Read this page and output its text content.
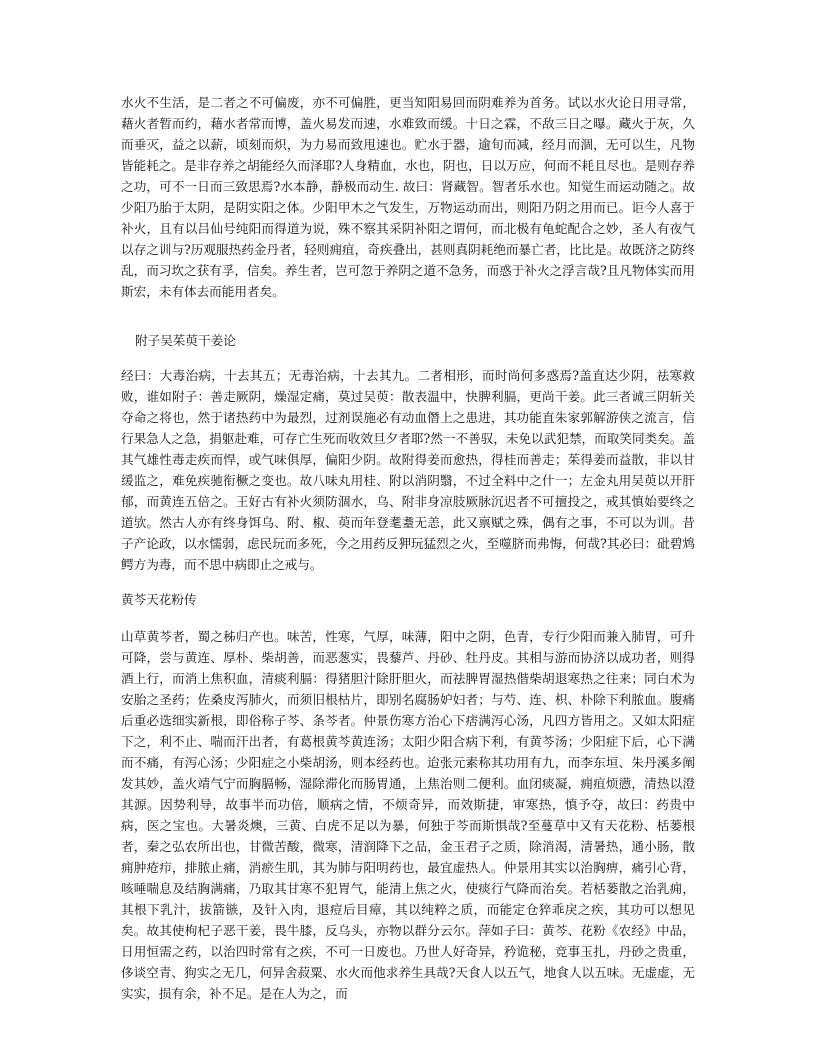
水火不生活，是二者之不可偏废，亦不可偏胜，更当知阳易回而阴难养为首务。试以水火论日用寻常，藉火者暂而约，藉水者常而博，盖火易发而速，水难致而缓。十日之霖，不敌三日之曝。藏火于灰，久而垂灭，益之以薪，顷刻而炽，为力易而致甩速也。贮水于器，逾旬而减，经月而涸，无可以生，凡物皆能耗之。是非存养之胡能经久而泽耶?人身精血，水也，阴也，日以万应，何而不耗且尽也。是则存养之功，可不一日而三致思焉?水本静，静极而动生. 故曰：肾藏智。智者乐水也。知觉生而运动随之。故少阳乃胎于太阴，是阴实阳之体。少阳甲木之气发生，万物运动而出，则阳乃阴之用而已。讵今人喜于补火，且有以吕仙号纯阳而得道为说，殊不察其采阴补阳之谓何，而北极有龟蛇配合之妙，圣人有夜气以存之训与?历观服热药金丹者，轻则痈疽，奇疾叠出，甚则真阴耗绝而暴亡者，比比是。故既济之防终乱，而习坎之获有孚，信矣。养生者，岂可忽于养阴之道不急务，而惑于补火之浮言哉?且凡物体实而用斯宏，未有体去而能用者矣。

附子吴茱萸干姜论

经曰：大毒治病，十去其五；无毒治病，十去其九。二者相形，而时尚何多惑焉?盖直达少阴，祛寒救败，谁如附子：善走厥阴，燥湿定痛，莫过吴萸：散表温中，快脾利膈，更尚干姜。此三者诚三阴斩关夺命之将也，然于诸热药中为最烈，过剂误施必有动血僭上之患进，其功能直朱家郭解游侠之流言，信行果急人之急，捐躯赴难，可存亡生死而收效旦夕者耶?然一不善驭，未免以武犯禁，而取笑同类矣。盖其气雄性毒走疾而悍，或气味俱厚，偏阳少阴。故附得姜而愈热，得桂而善走；茱得姜而益散，非以甘缓监之，难免疾驰衔橛之变也。故八味丸用桂、附以消阴翳，不过全料中之什一；左金丸用吴萸以开肝郁，而黄连五倍之。王好古有补火须防涸水，乌、附非身凉肢厥脉沉迟者不可擅投之，戒其慎始要终之道欤。然古人亦有终身饵乌、附、椒、萸而年登耄耋无恙，此又禀赋之殊，偶有之事，不可以为训。昔子产论政，以水懦弱，虑民玩而多死，今之用药反狎玩猛烈之火，至噬脐而弗悔，何哉?其必曰：砒碧鸩鳄方为毒，而不思中病即止之戒与。

黄芩天花粉传

山草黄芩者，蜀之秭归产也。味苦，性寒，气厚，味薄，阳中之阴，色青，专行少阳而兼入肺胃，可升可降，尝与黄连、厚朴、柴胡善，而恶葱实，畏藜芦、丹砂、牡丹皮。其相与游而协济以成功者，则得酒上行，而消上焦积血，清痰利膈：得猪胆汁除肝胆火，而祛脾胃湿热偕柴胡退寒热之往来；同白术为安胎之圣药；佐桑皮泻肺火，而须旧根枯片，即别名腐肠妒妇者；与芍、连、枳、朴除下利脓血。腹痛后重必选细实新根，即俗称子芩、条芩者。仲景伤寒方治心下痞满泻心汤，凡四方皆用之。又如太阳症下之，利不止、喘而汗出者，有葛根黄芩黄连汤；太阳少阳合病下利，有黄芩汤；少阳症下后，心下满而不痛，有泻心汤；少阳症之小柴胡汤，则本经药也。迨张元素称其功用有九，而李东垣、朱丹溪多阐发其妙，盖火靖气宁而胸膈畅，湿除滞化而肠胃通，上焦治则二便利。血闭痰凝，痈疽烦懑，清热以澄其源。因势利导，故事半而功倍，顺病之情，不烦奇异，而效斯捷，审寒热，慎予夺，故曰：药贵中病，医之宝也。大暑炎燠，三黄、白虎不足以为暴，何独于芩而斯惧哉?至蔓草中又有天花粉、栝蒌根者，秦之弘农所出也，甘微苦酸，微寒，清润降下之品，金玉君子之质，除消渴，清暑热，通小肠，散痈肿疮疖，排脓止痛，消瘀生肌，其为肺与阳明药也，最宜虚热人。仲景用其实以治胸痹，痛引心背，咳唾喘息及结胸满痛，乃取其甘寒不犯胃气，能清上焦之火，使痰行气降而治矣。若栝蒌散之治乳痈，其根下乳汁，拔箭镞，及针入肉，退痘后目瘴，其以纯粹之质，而能定仓猝乖戾之疾，其功可以想见矣。故其使枸杞子恶干姜，畏牛膝，反乌头，亦物以群分云尔。萍如子曰：黄芩、花粉《农经》中品，日用恒需之药，以治四时常有之疾，不可一日废也。乃世人好奇异，矜诡秘，竞事玉扎，丹砂之贵重，侈谈空青、狗实之无几，何异舍菽粟、水火而他求养生具哉?天食人以五气，地食人以五味。无虚虚，无实实，损有余，补不足。是在人为之，而
